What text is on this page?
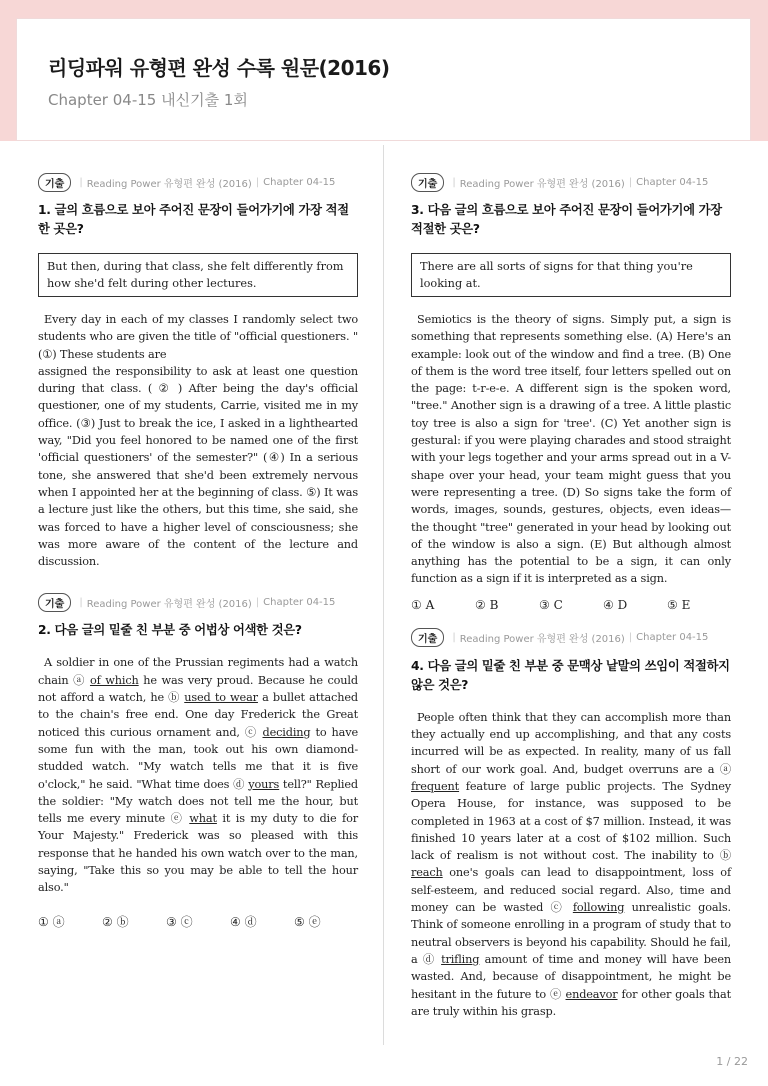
리딩파워 유형편 완성 수록 원문(2016)
Chapter 04-15 내신기출 1회
기출	| Reading Power 유형편 완성 (2016) | Chapter 04-15
1. 글의 흐름으로 보아 주어진 문장이 들어가기에 가장 적절한 곳은?
But then, during that class, she felt differently from how she'd felt during other lectures.

Every day in each of my classes I randomly select two students who are given the title of "official questioners. " (①) These students are

assigned the responsibility to ask at least one question during that class. ( ② ) After being the day's official questioner, one of my students, Carrie, visited me in my office. (③) Just to break the ice, I asked in a lighthearted way, "Did you feel honored to be named one of the first 'official questioners' of the semester?" (④) In a serious tone, she answered that she'd been extremely nervous when I appointed her at the beginning of class. ⑤) It was a lecture just like the others, but this time, she said, she was forced to have a higher level of consciousness; she was more aware of the content of the lecture and discussion.

기출	| Reading Power 유형편 완성 (2016) | Chapter 04-15
2. 다음 글의 밑줄 친 부분 중 어법상 어색한 것은?

A soldier in one of the Prussian regiments had a watch chain ⓐ of which he was very proud. Because he could not afford a watch, he ⓑ used to wear a bullet attached to the chain's free end. One day Frederick the Great noticed this curious ornament and, ⓒ deciding to have some fun with the man, took out his own diamond-studded watch. "My watch tells me that it is five o'clock," he said. "What time does ⓓ yours tell?" Replied the soldier: "My watch does not tell me the hour, but tells me every minute ⓔ what it is my duty to die for Your Majesty." Frederick was so pleased with this response that he handed his own watch over to the man, saying, "Take this so you may be able to tell the hour also."

① ⓐ	② ⓑ	③ ⓒ	④ ⓓ	⑤ ⓔ
기출	| Reading Power 유형편 완성 (2016) | Chapter 04-15
3. 다음 글의 흐름으로 보아 주어진 문장이 들어가기에 가장 적절한 곳은?
There are all sorts of signs for that thing you're looking at.
Semiotics is the theory of signs. Simply put, a sign is something that represents something else. (A) Here's an example: look out of the window and find a tree. (B) One of them is the word tree itself, four letters spelled out on the page: t-r-e-e. A different sign is the spoken word, "tree." Another sign is a drawing of a tree. A little plastic toy tree is also a sign for 'tree'. (C) Yet another sign is gestural: if you were playing charades and stood straight with your legs together and your arms spread out in a V-shape over your head, your team might guess that you were representing a tree. (D) So signs take the form of words, images, sounds, gestures, objects, even ideas—the thought "tree" generated in your head by looking out of the window is also a sign. (E) But although almost anything has the potential to be a sign, it can only function as a sign if it is interpreted as a sign.
① A	② B	③ C	④ D	⑤ E
기출	| Reading Power 유형편 완성 (2016) | Chapter 04-15
4. 다음 글의 밑줄 친 부분 중 문맥상 낱말의 쓰임이 적절하지 않은 것은?

People often think that they can accomplish more than they actually end up accomplishing, and that any costs incurred will be as expected. In reality, many of us fall short of our work goal. And, budget overruns are a ⓐ frequent feature of large public projects. The Sydney Opera House, for instance, was supposed to be completed in 1963 at a cost of $7 million. Instead, it was finished 10 years later at a cost of $102 million. Such lack of realism is not without cost. The inability to ⓑ reach one's goals can lead to disappointment, loss of self-esteem, and reduced social regard. Also, time and money can be wasted ⓒ following unrealistic goals. Think of someone enrolling in a program of study that to neutral observers is beyond his capability. Should he fail, a ⓓ trifling amount of time and money will have been wasted. And, because of disappointment, he might be hesitant in the future to ⓔ endeavor for other goals that are truly within his grasp.

1 / 22
